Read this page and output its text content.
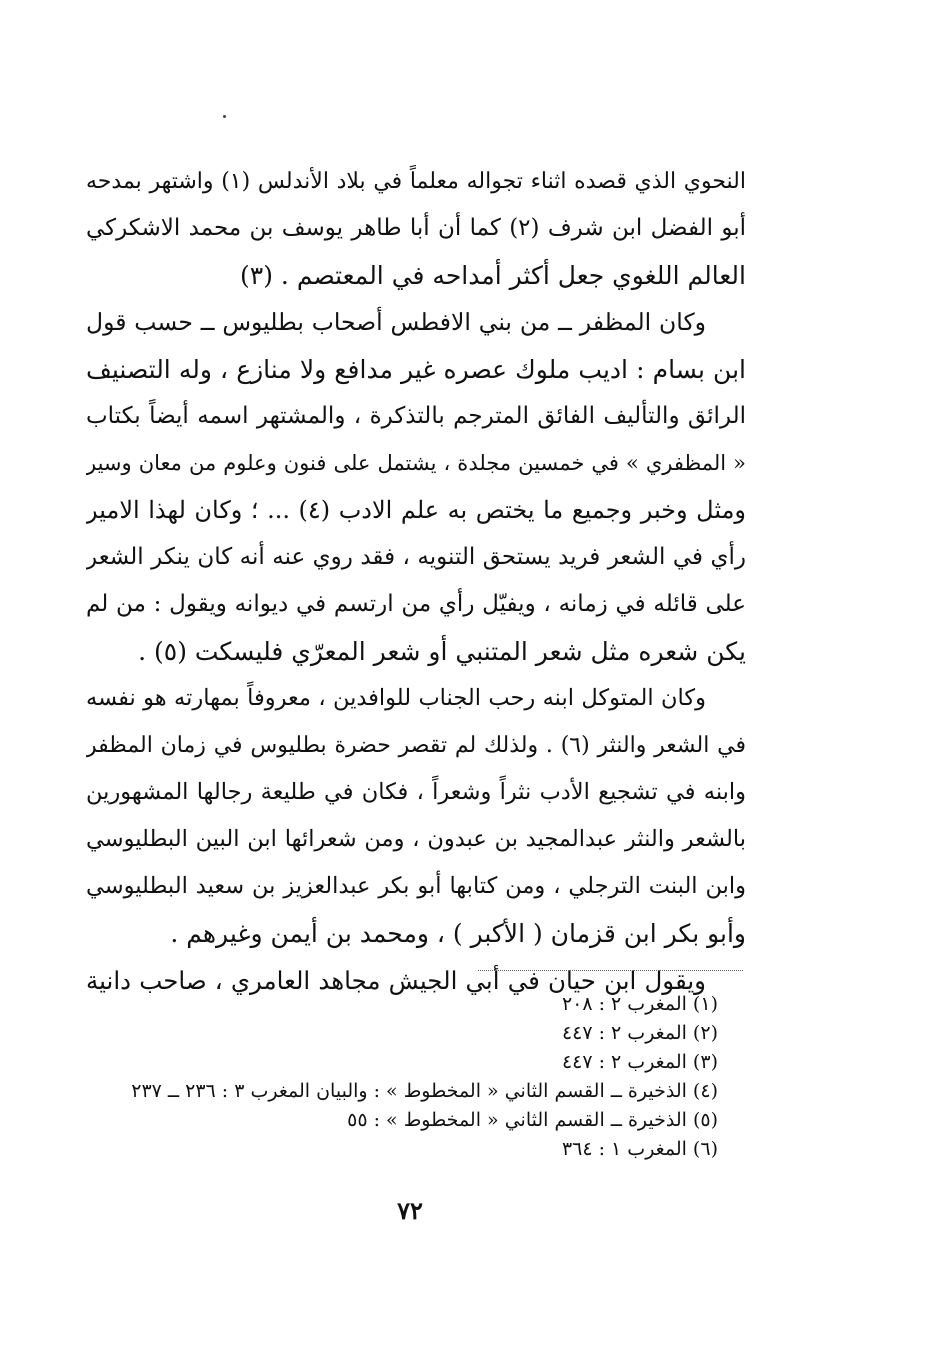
النحوي الذي قصده اثناء تجواله معلماً في بلاد الأندلس (١) واشتهر بمدحه
أبو الفضل ابن شرف (٢) كما أن أبا طاهر يوسف بن محمد الاشكركي
العالم اللغوي جعل أكثر أمداحه في المعتصم . (٣)
وكان المظفر ــ من بني الافطس أصحاب بطليوس ــ حسب قول
ابن بسام : اديب ملوك عصره غير مدافع ولا منازع ، وله التصنيف
الرائق والتأليف الفائق المترجم بالتذكرة ، والمشتهر اسمه أيضاً بكتاب
« المظفري » في خمسين مجلدة ، يشتمل على فنون وعلوم من معان وسير
ومثل وخبر وجميع ما يختص به علم الادب (٤) ... ؛ وكان لهذا الامير
رأي في الشعر فريد يستحق التنويه ، فقد روي عنه أنه كان ينكر الشعر
على قائله في زمانه ، ويفيّل رأي من ارتسم في ديوانه ويقول : من لم
يكن شعره مثل شعر المتنبي أو شعر المعرّي فليسكت (٥) .
وكان المتوكل ابنه رحب الجناب للوافدين ، معروفاً بمهارته هو نفسه
في الشعر والنثر (٦) . ولذلك لم تقصر حضرة بطليوس في زمان المظفر
وابنه في تشجيع الأدب نثراً وشعراً ، فكان في طليعة رجالها المشهورين
بالشعر والنثر عبدالمجيد بن عبدون ، ومن شعرائها ابن البين البطليوسي
وابن البنت الترجلي ، ومن كتابها أبو بكر عبدالعزيز بن سعيد البطليوسي
وأبو بكر ابن قزمان ( الأكبر ) ، ومحمد بن أيمن وغيرهم .
ويقول ابن حيان في أبي الجيش مجاهد العامري ، صاحب دانية
(١) المغرب ٢ : ٢٠٨
(٢) المغرب ٢ : ٤٤٧
(٣) المغرب ٢ : ٤٤٧
(٤) الذخيرة ــ القسم الثاني « المخطوط » : والبيان المغرب ٣ : ٢٣٦ ــ ٢٣٧
(٥) الذخيرة ــ القسم الثاني « المخطوط » : ٥٥
(٦) المغرب ١ : ٣٦٤
٧٢
